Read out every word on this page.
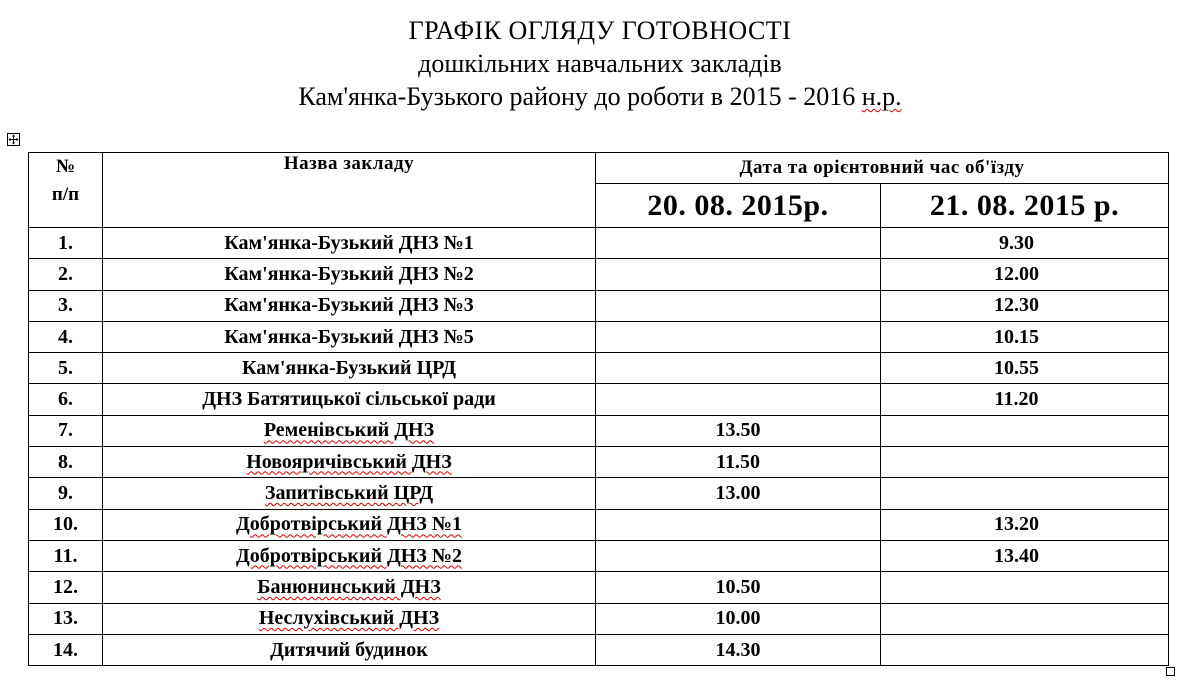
ГРАФІК ОГЛЯДУ ГОТОВНОСТІ
дошкільних навчальних закладів
Кам'янка-Бузького району до роботи в 2015 - 2016 н.р.
№
п/п	Назва закладу	Дата та орієнтовний час об'їзду	
		20. 08. 2015р.	21. 08. 2015 р.
1.	Кам'янка-Бузький ДНЗ №1		9.30
2.	Кам'янка-Бузький ДНЗ №2		12.00
3.	Кам'янка-Бузький ДНЗ №3		12.30
4.	Кам'янка-Бузький ДНЗ №5		10.15
5.	Кам'янка-Бузький ЦРД		10.55
6.	ДНЗ Батятицької сільської ради		11.20
7.	Ременівський ДНЗ	13.50	
8.	Новояричівський ДНЗ	11.50	
9.	Запитівський ЦРД	13.00	
10.	Добротвірський ДНЗ №1		13.20
11.	Добротвірський ДНЗ №2		13.40
12.	Банюнинський ДНЗ	10.50	
13.	Неслухівський ДНЗ	10.00	
14.	Дитячий будинок	14.30	
